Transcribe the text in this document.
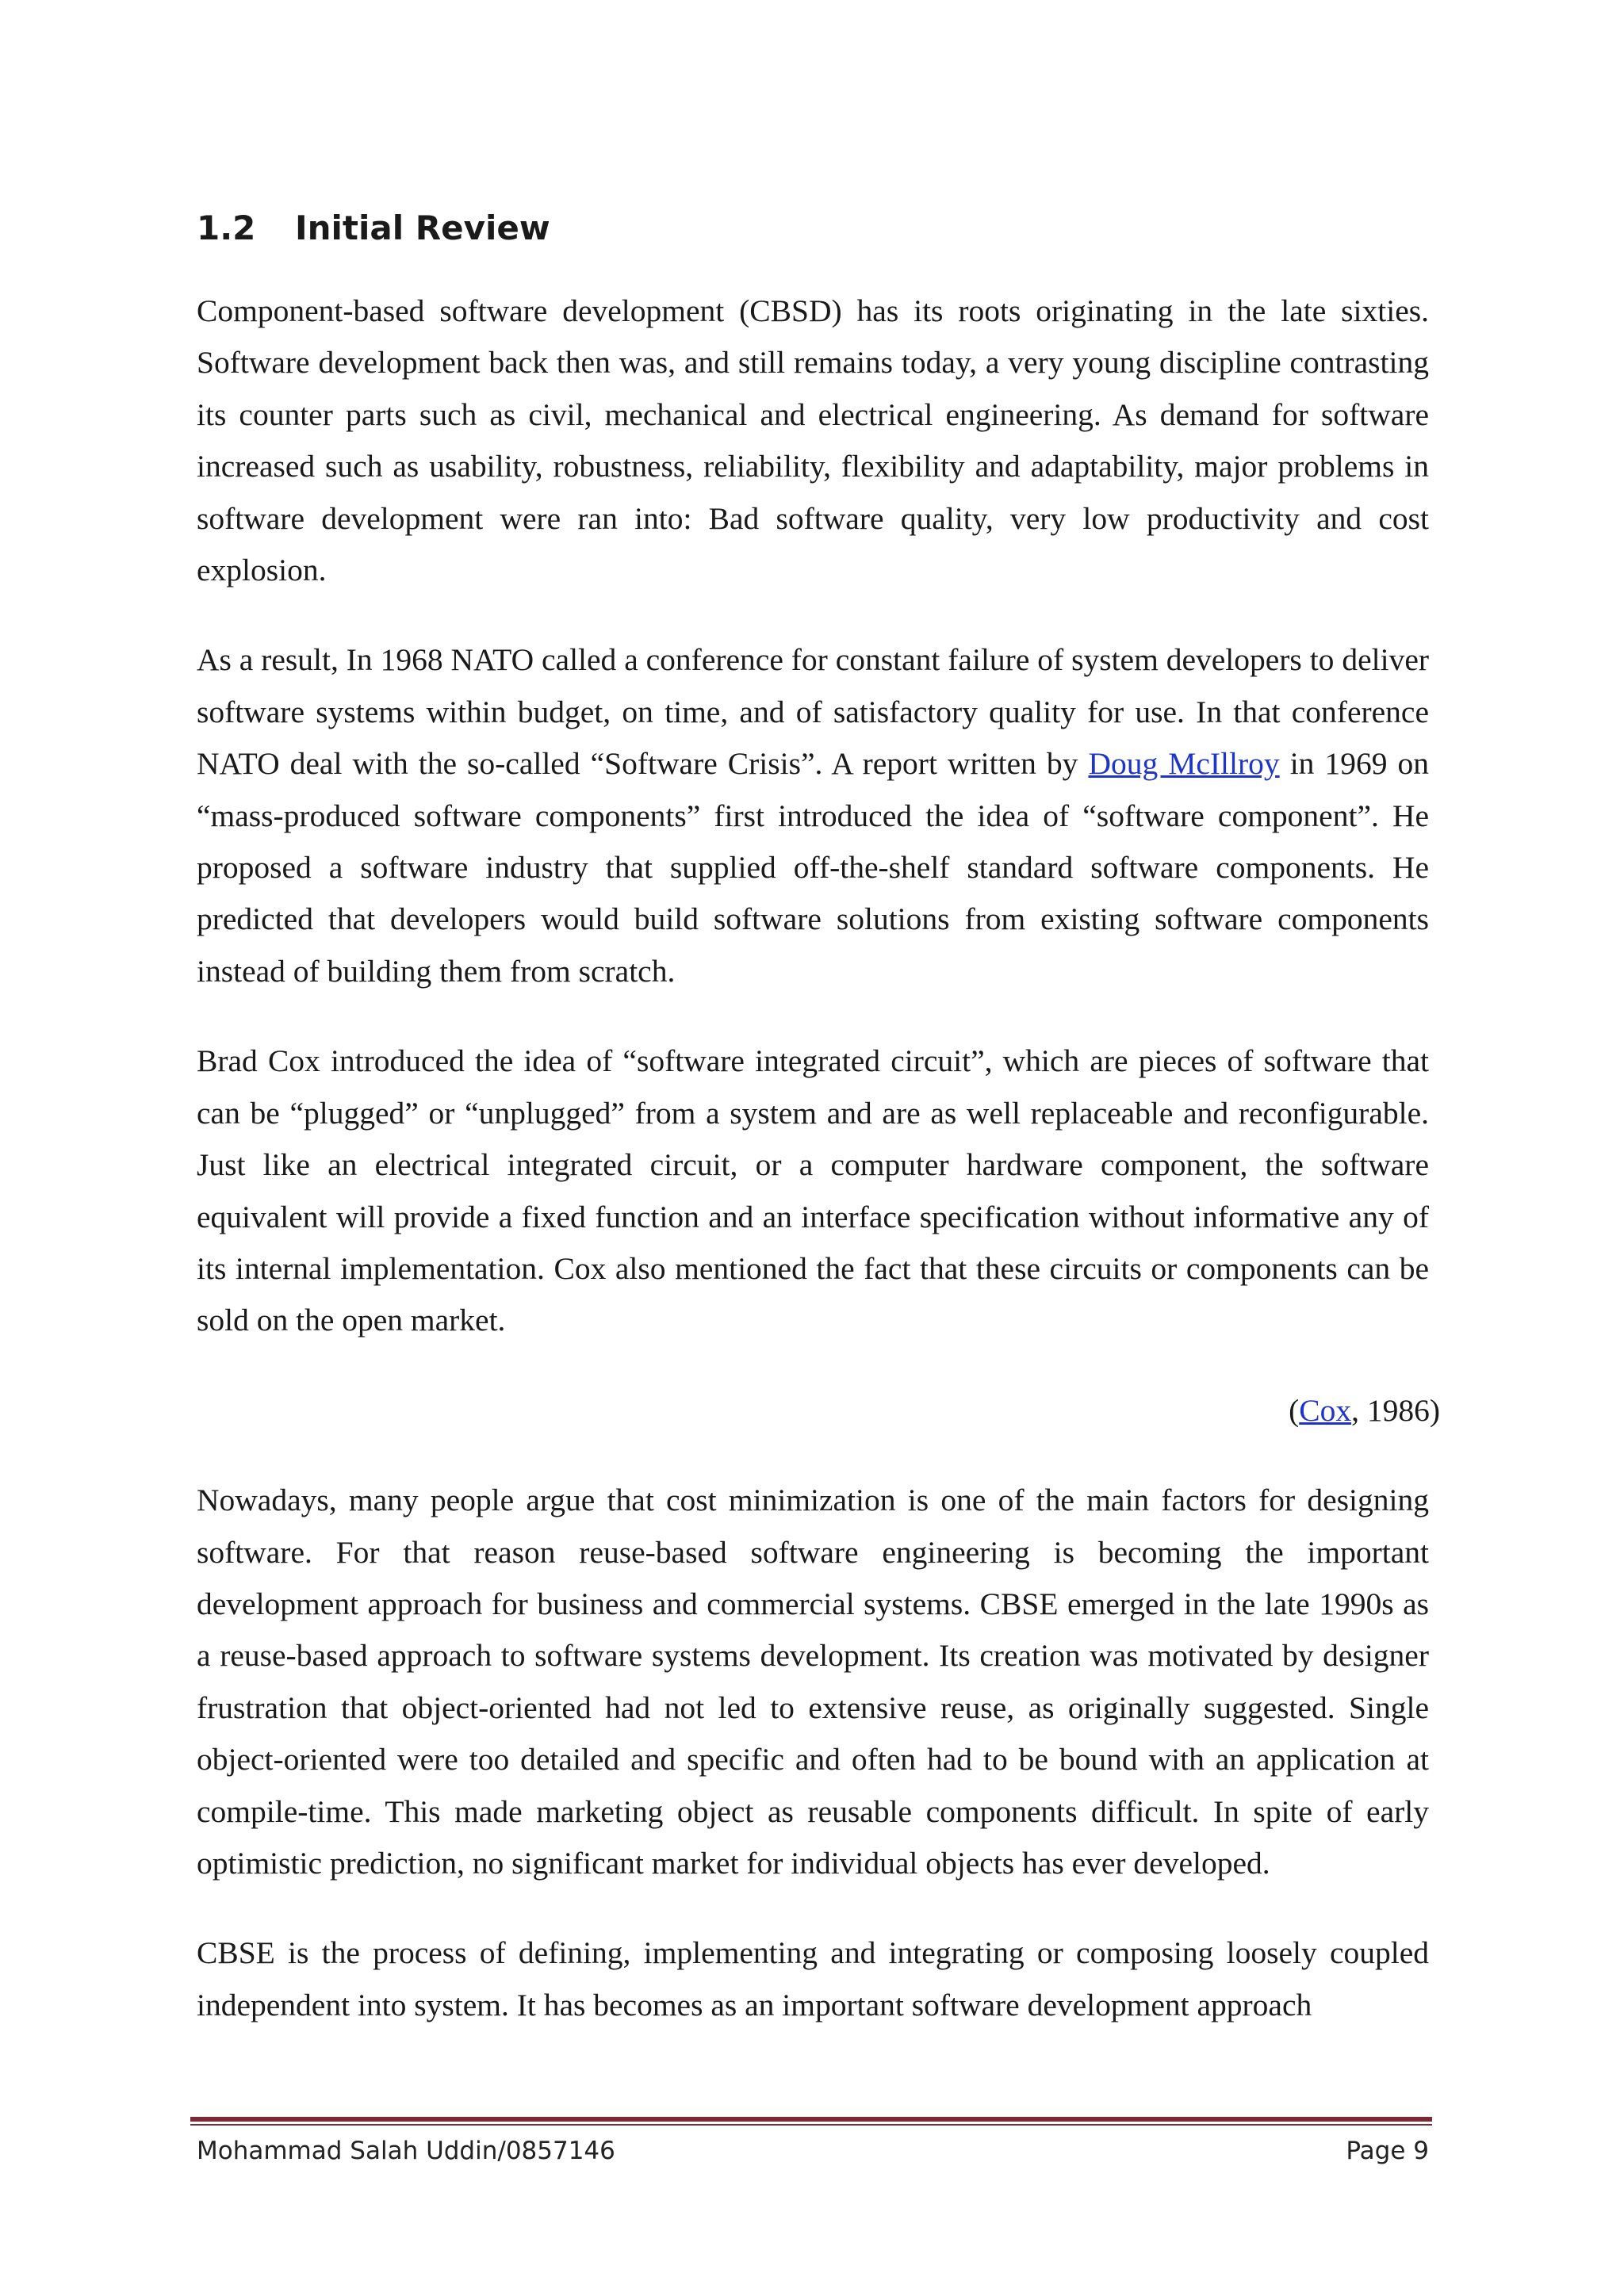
1.2 Initial Review

Component-based software development (CBSD) has its roots originating in the late sixties. Software development back then was, and still remains today, a very young discipline contrasting its counter parts such as civil, mechanical and electrical engineering. As demand for software increased such as usability, robustness, reliability, flexibility and adaptability, major problems in software development were ran into: Bad software quality, very low productivity and cost explosion.

As a result, In 1968 NATO called a conference for constant failure of system developers to deliver software systems within budget, on time, and of satisfactory quality for use. In that conference NATO deal with the so-called “Software Crisis”. A report written by Doug McIllroy in 1969 on “mass-produced software components” first introduced the idea of “software component”. He proposed a software industry that supplied off-the-shelf standard software components. He predicted that developers would build software solutions from existing software components instead of building them from scratch.

Brad Cox introduced the idea of “software integrated circuit”, which are pieces of software that can be “plugged” or “unplugged” from a system and are as well replaceable and reconfigurable. Just like an electrical integrated circuit, or a computer hardware component, the software equivalent will provide a fixed function and an interface specification without informative any of its internal implementation. Cox also mentioned the fact that these circuits or components can be sold on the open market.

(Cox, 1986)

Nowadays, many people argue that cost minimization is one of the main factors for designing software. For that reason reuse-based software engineering is becoming the important development approach for business and commercial systems. CBSE emerged in the late 1990s as a reuse-based approach to software systems development. Its creation was motivated by designer frustration that object-oriented had not led to extensive reuse, as originally suggested. Single object-oriented were too detailed and specific and often had to be bound with an application at compile-time. This made marketing object as reusable components difficult. In spite of early optimistic prediction, no significant market for individual objects has ever developed.

CBSE is the process of defining, implementing and integrating or composing loosely coupled independent into system. It has becomes as an important software development approach

Mohammad Salah Uddin/0857146	Page 9
